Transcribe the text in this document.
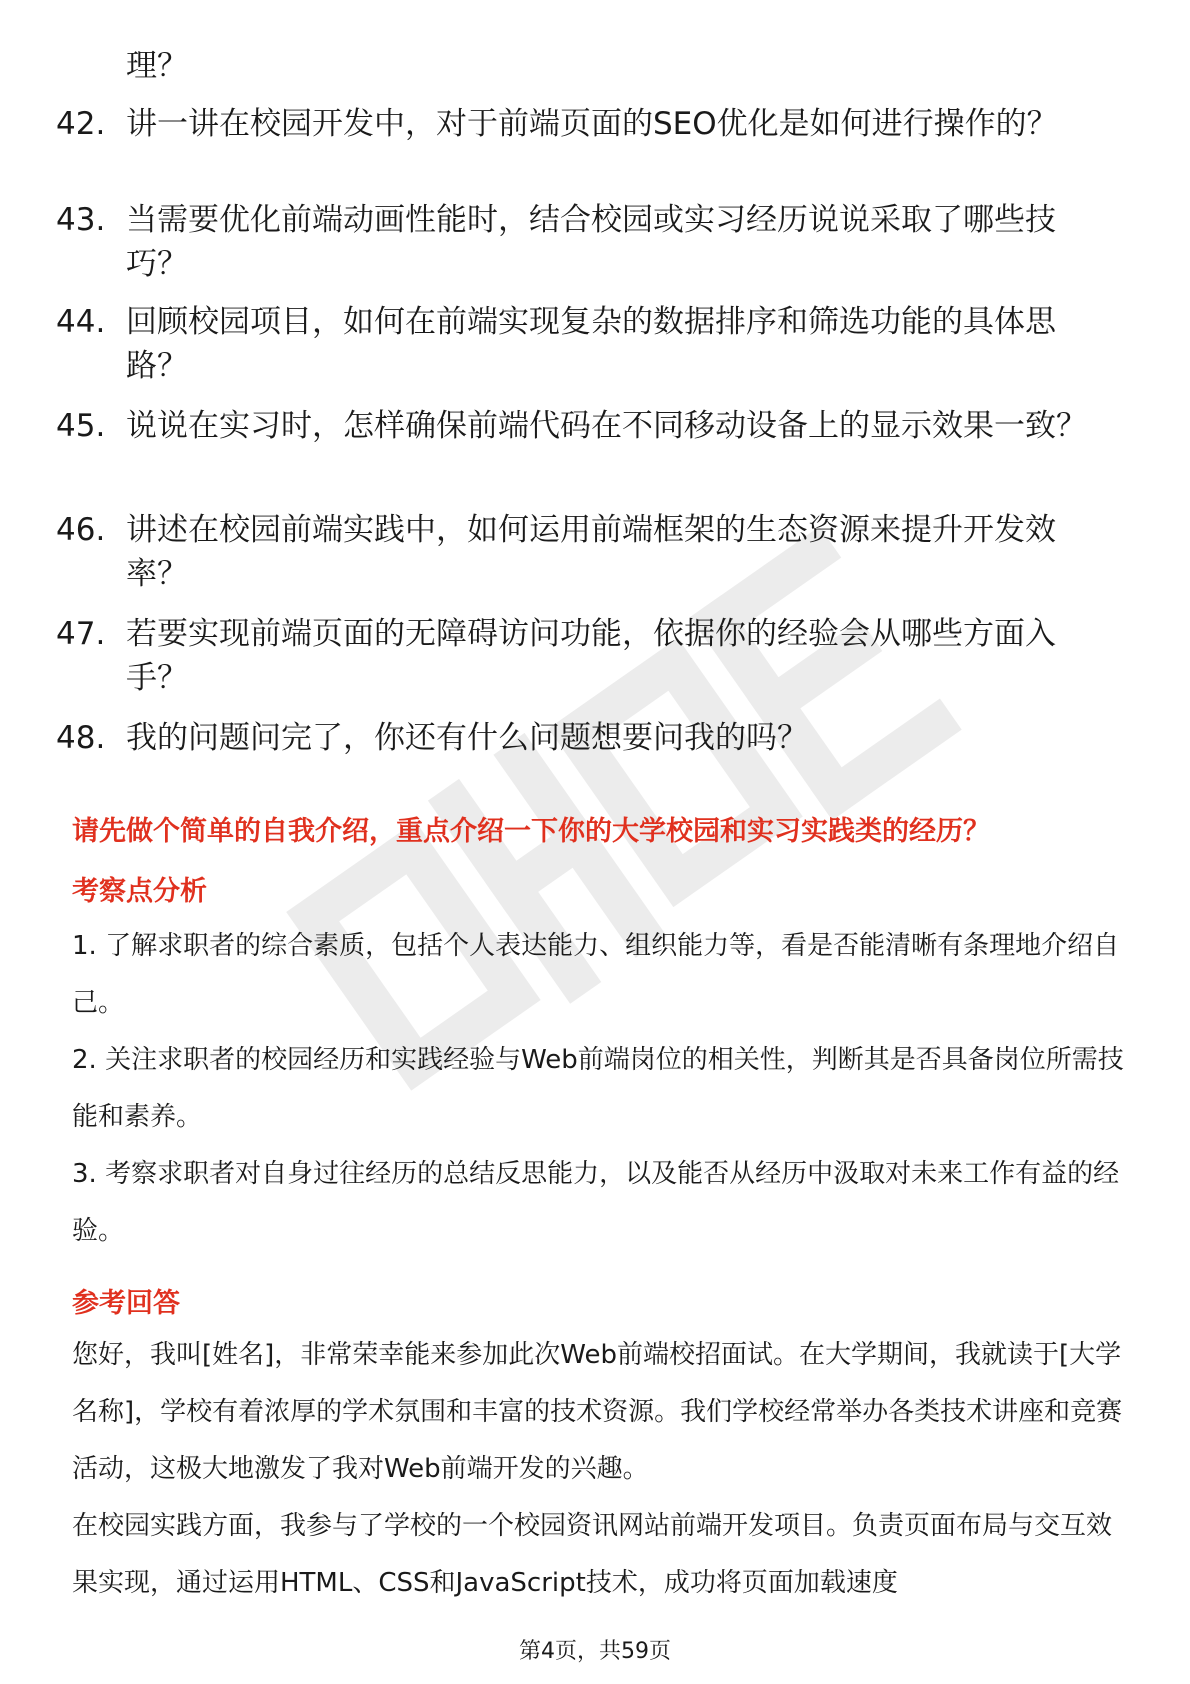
理？
42. 讲一讲在校园开发中，对于前端页面的SEO优化是如何进行操作的？
43. 当需要优化前端动画性能时，结合校园或实习经历说说采取了哪些技巧？
44. 回顾校园项目，如何在前端实现复杂的数据排序和筛选功能的具体思路？
45. 说说在实习时，怎样确保前端代码在不同移动设备上的显示效果一致？
46. 讲述在校园前端实践中，如何运用前端框架的生态资源来提升开发效率？
47. 若要实现前端页面的无障碍访问功能，依据你的经验会从哪些方面入手？
48. 我的问题问完了，你还有什么问题想要问我的吗？
请先做个简单的自我介绍，重点介绍一下你的大学校园和实习实践类的经历？
考察点分析
1. 了解求职者的综合素质，包括个人表达能力、组织能力等，看是否能清晰有条理地介绍自己。
2. 关注求职者的校园经历和实践经验与Web前端岗位的相关性，判断其是否具备岗位所需技能和素养。
3. 考察求职者对自身过往经历的总结反思能力，以及能否从经历中汲取对未来工作有益的经验。
参考回答
您好，我叫[姓名]，非常荣幸能来参加此次Web前端校招面试。在大学期间，我就读于[大学名称]，学校有着浓厚的学术氛围和丰富的技术资源。我们学校经常举办各类技术讲座和竞赛活动，这极大地激发了我对Web前端开发的兴趣。
在校园实践方面，我参与了学校的一个校园资讯网站前端开发项目。负责页面布局与交互效果实现，通过运用HTML、CSS和JavaScript技术，成功将页面加载速度
第4页，共59页
